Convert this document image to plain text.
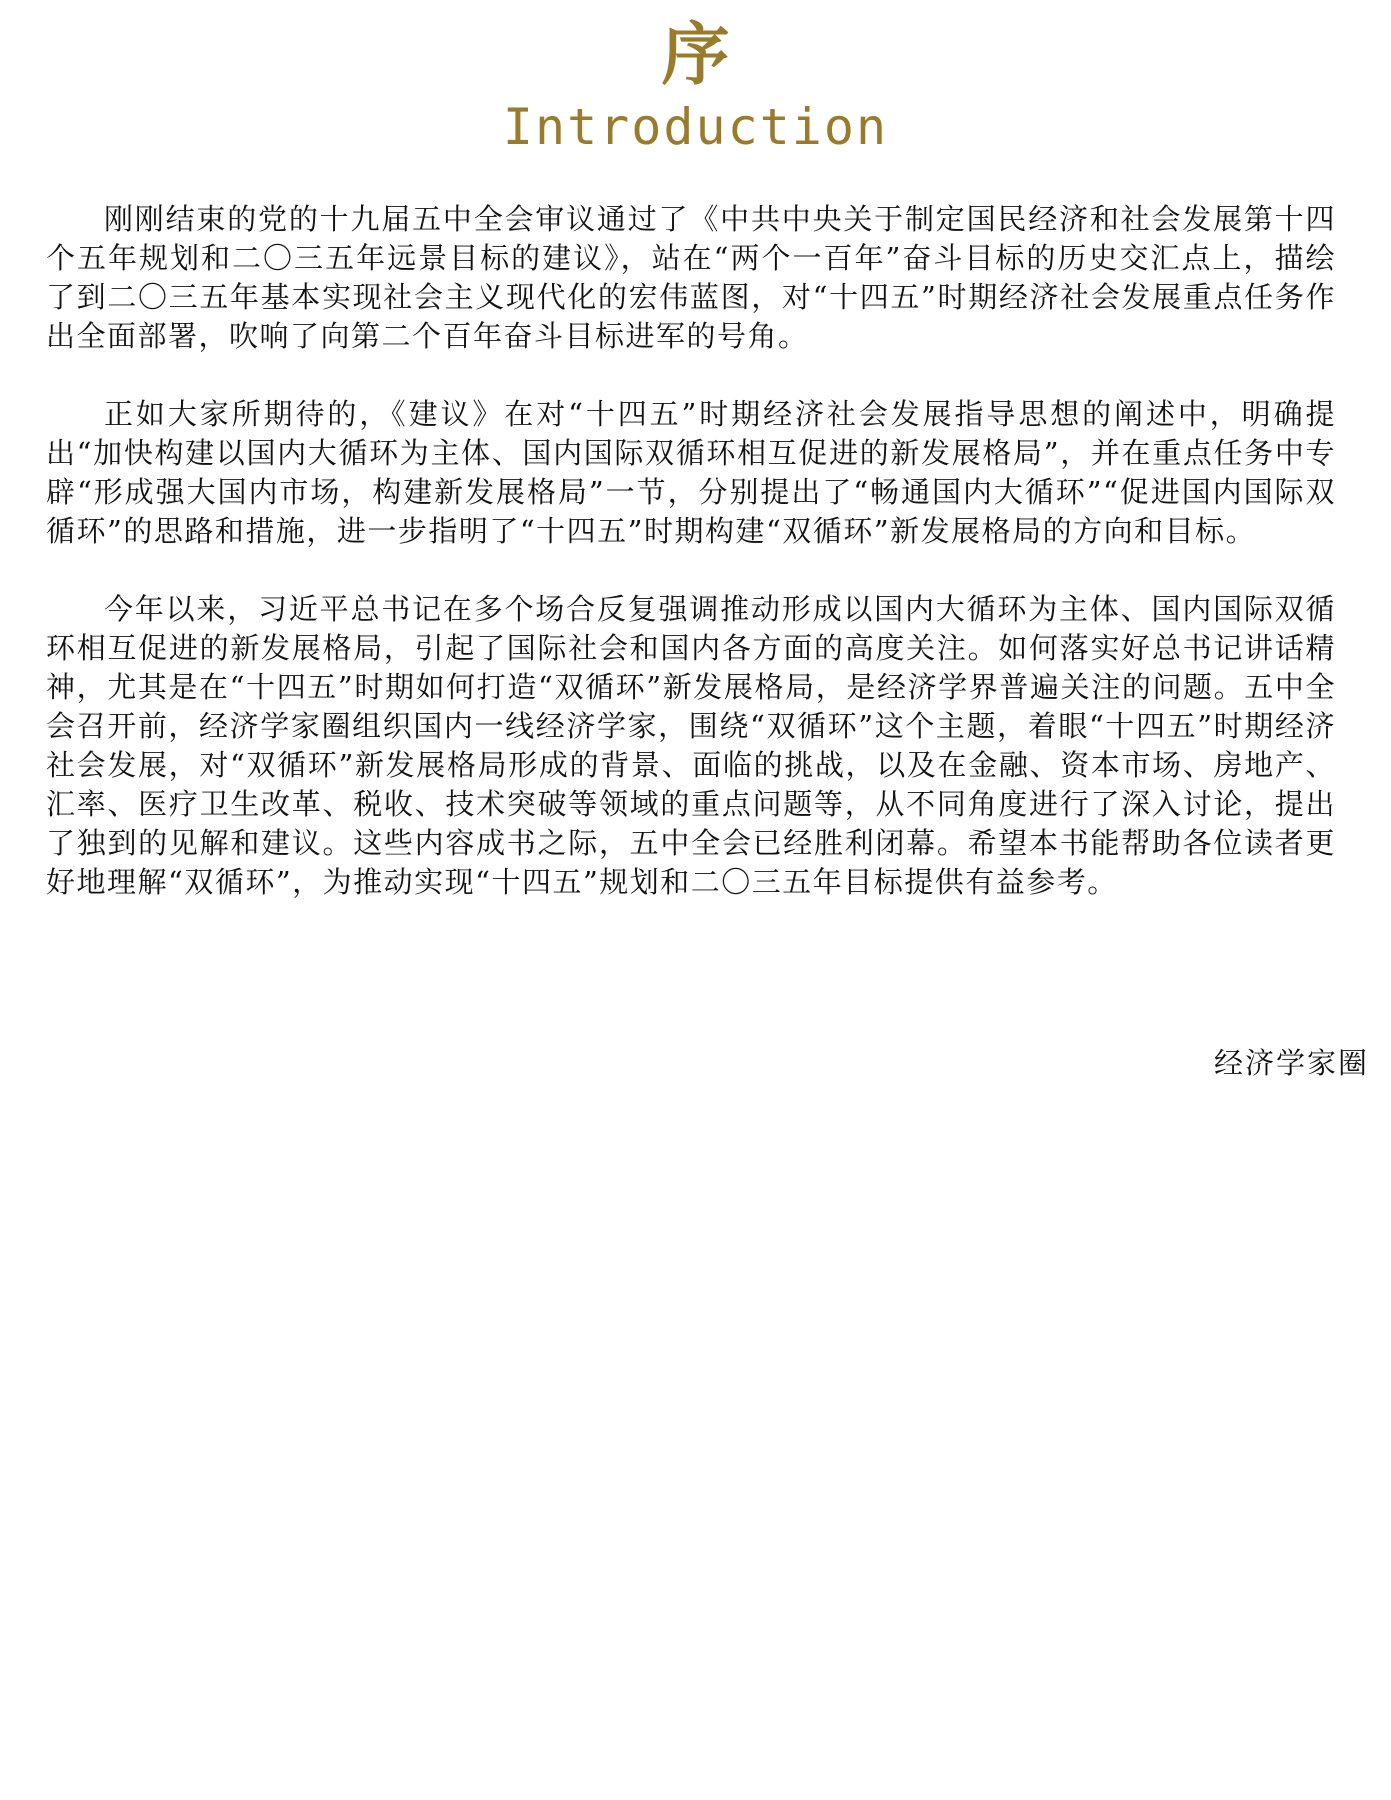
序
Introduction

刚刚结束的党的十九届五中全会审议通过了《中共中央关于制定国民经济和社会发展第十四个五年规划和二〇三五年远景目标的建议》，站在“两个一百年”奋斗目标的历史交汇点上，描绘了到二〇三五年基本实现社会主义现代化的宏伟蓝图，对“十四五”时期经济社会发展重点任务作出全面部署，吹响了向第二个百年奋斗目标进军的号角。

正如大家所期待的，《建议》在对“十四五”时期经济社会发展指导思想的阐述中，明确提出“加快构建以国内大循环为主体、国内国际双循环相互促进的新发展格局”，并在重点任务中专辟“形成强大国内市场，构建新发展格局”一节，分别提出了“畅通国内大循环”“促进国内国际双循环”的思路和措施，进一步指明了“十四五”时期构建“双循环”新发展格局的方向和目标。

今年以来，习近平总书记在多个场合反复强调推动形成以国内大循环为主体、国内国际双循环相互促进的新发展格局，引起了国际社会和国内各方面的高度关注。如何落实好总书记讲话精神，尤其是在“十四五”时期如何打造“双循环”新发展格局，是经济学界普遍关注的问题。五中全会召开前，经济学家圈组织国内一线经济学家，围绕“双循环”这个主题，着眼“十四五”时期经济社会发展，对“双循环”新发展格局形成的背景、面临的挑战，以及在金融、资本市场、房地产、汇率、医疗卫生改革、税收、技术突破等领域的重点问题等，从不同角度进行了深入讨论，提出了独到的见解和建议。这些内容成书之际，五中全会已经胜利闭幕。希望本书能帮助各位读者更好地理解“双循环”，为推动实现“十四五”规划和二〇三五年目标提供有益参考。

经济学家圈
